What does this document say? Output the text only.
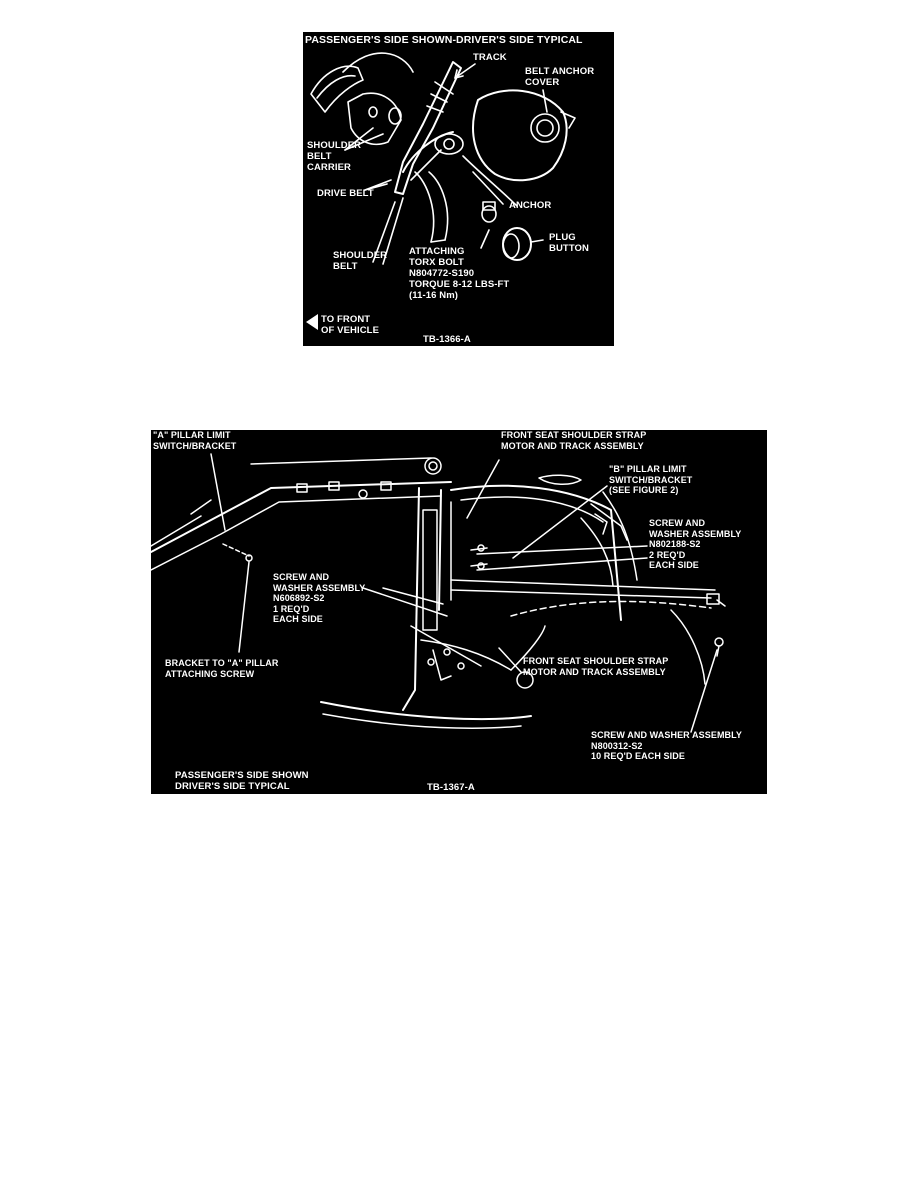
PASSENGER'S SIDE SHOWN-DRIVER'S SIDE TYPICAL
TRACK
BELT ANCHOR
COVER
SHOULDER
BELT
CARRIER
DRIVE BELT
ANCHOR
PLUG
BUTTON
SHOULDER
BELT
ATTACHING
TORX BOLT
N804772-S190
TORQUE 8-12 LBS-FT
(11-16 Nm)
TO FRONT
OF VEHICLE
TB-1366-A
"A" PILLAR LIMIT
SWITCH/BRACKET
FRONT SEAT SHOULDER STRAP
MOTOR AND TRACK ASSEMBLY
"B" PILLAR LIMIT
SWITCH/BRACKET
(SEE FIGURE 2)
SCREW AND
WASHER ASSEMBLY
N802188-S2
2 REQ'D
EACH SIDE
SCREW AND
WASHER ASSEMBLY
N606892-S2
1 REQ'D
EACH SIDE
BRACKET TO "A" PILLAR
ATTACHING SCREW
FRONT SEAT SHOULDER STRAP
MOTOR AND TRACK ASSEMBLY
SCREW AND WASHER ASSEMBLY
N800312-S2
10 REQ'D EACH SIDE
PASSENGER'S SIDE SHOWN
DRIVER'S SIDE TYPICAL	TB-1367-A
